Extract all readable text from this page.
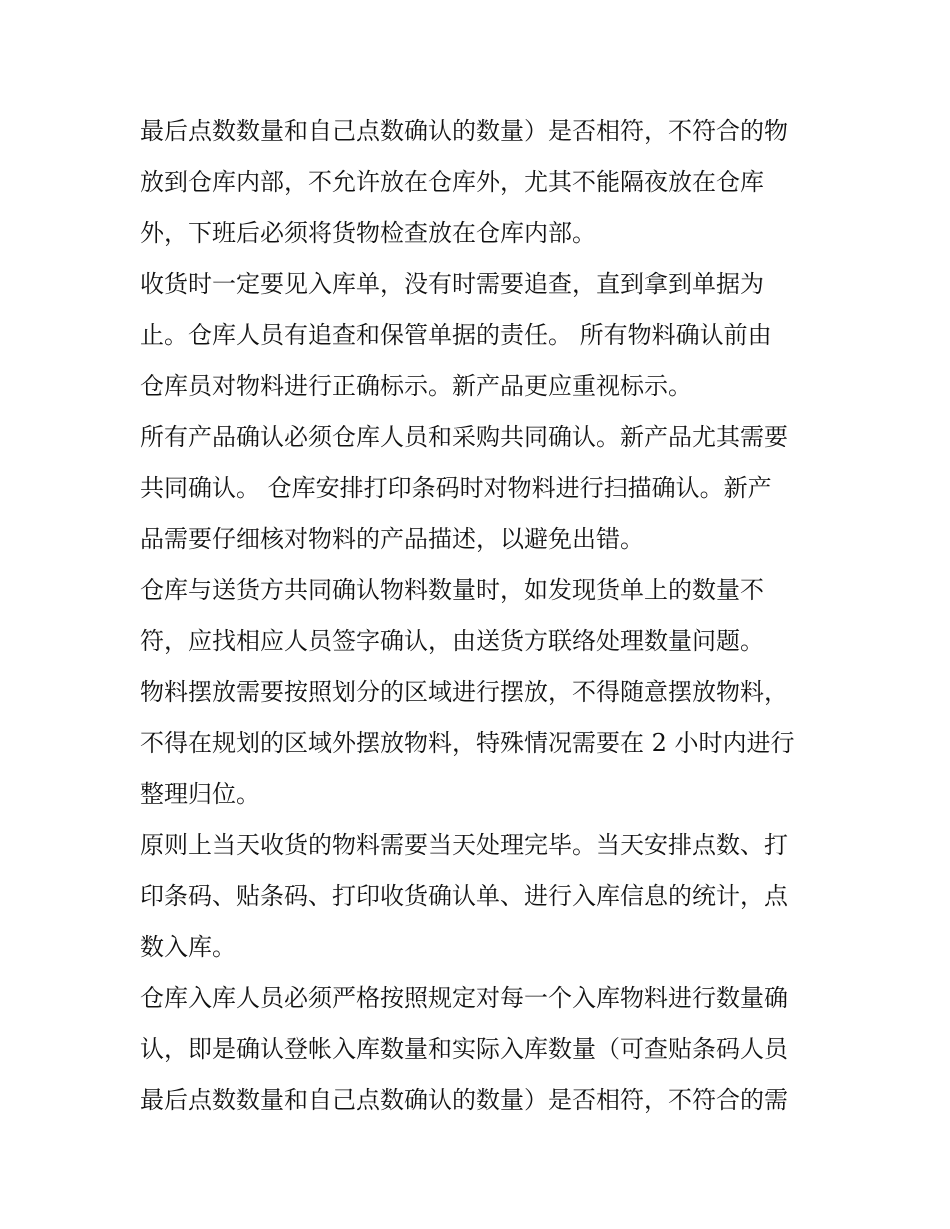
最后点数数量和自己点数确认的数量）是否相符，不符合的物
放到仓库内部，不允许放在仓库外，尤其不能隔夜放在仓库
外，下班后必须将货物检查放在仓库内部。
收货时一定要见入库单，没有时需要追查，直到拿到单据为
止。仓库人员有追查和保管单据的责任。 所有物料确认前由
仓库员对物料进行正确标示。新产品更应重视标示。
所有产品确认必须仓库人员和采购共同确认。新产品尤其需要
共同确认。 仓库安排打印条码时对物料进行扫描确认。新产
品需要仔细核对物料的产品描述，以避免出错。
仓库与送货方共同确认物料数量时，如发现货单上的数量不
符，应找相应人员签字确认，由送货方联络处理数量问题。
物料摆放需要按照划分的区域进行摆放，不得随意摆放物料，
不得在规划的区域外摆放物料，特殊情况需要在 2 小时内进行
整理归位。
原则上当天收货的物料需要当天处理完毕。当天安排点数、打
印条码、贴条码、打印收货确认单、进行入库信息的统计，点
数入库。
仓库入库人员必须严格按照规定对每一个入库物料进行数量确
认，即是确认登帐入库数量和实际入库数量（可查贴条码人员
最后点数数量和自己点数确认的数量）是否相符，不符合的需
